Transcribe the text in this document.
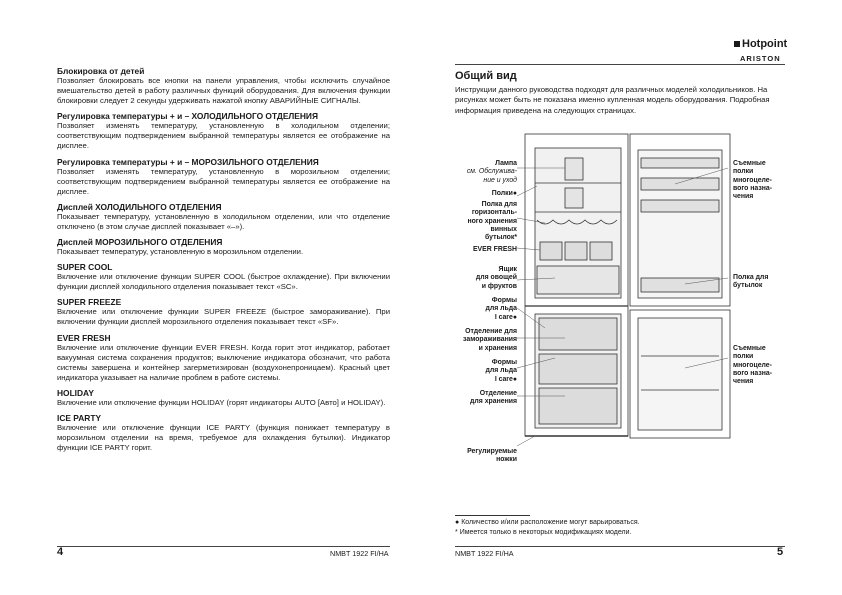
Блокировка от детей
Позволяет блокировать все кнопки на панели управления, чтобы исключить случайное вмешательство детей в работу различных функций оборудования. Для включения функции блокировки следует 2 секунды удерживать нажатой кнопку АВАРИЙНЫЕ СИГНАЛЫ.
Регулировка температуры + и – ХОЛОДИЛЬНОГО ОТДЕЛЕНИЯ
Позволяет изменять температуру, установленную в холодильном отделении; соответствующим подтверждением выбранной температуры является ее отображение на дисплее.
Регулировка температуры + и – МОРОЗИЛЬНОГО ОТДЕЛЕНИЯ
Позволяет изменять температуру, установленную в морозильном отделении; соответствующим подтверждением выбранной температуры является ее отображение на дисплее.
Дисплей ХОЛОДИЛЬНОГО ОТДЕЛЕНИЯ
Показывает температуру, установленную в холодильном отделении, или что отделение отключено (в этом случае дисплей показывает «–»).
Дисплей МОРОЗИЛЬНОГО ОТДЕЛЕНИЯ
Показывает температуру, установленную в морозильном отделении.
SUPER COOL
Включение или отключение функции SUPER COOL (быстрое охлаждение). При включении функции дисплей холодильного отделения показывает текст «SC».
SUPER FREEZE
Включение или отключение функции SUPER FREEZE (быстрое замораживание). При включении функции дисплей морозильного отделения показывает текст «SF».
EVER FRESH
Включение или отключение функции EVER FRESH. Когда горит этот индикатор, работает вакуумная система сохранения продуктов; выключение индикатора обозначит, что работа системы завершена и контейнер загерметизирован (воздухонепроницаем). Красный цвет индикатора указывает на наличие проблем в работе системы.
HOLIDAY
Включение или отключение функции HOLIDAY (горят индикаторы AUTO [Авто] и HOLIDAY).
ICE PARTY
Включение или отключение функции ICE PARTY (функция понижает температуру в морозильном отделении на время, требуемое для охлаждения бутылки). Индикатор функции ICE PARTY горит.
4	NMBT 1922 FI/HA
Hotpoint
ARISTON
Общий вид
Инструкции данного руководства подходят для различных моделей холодильников. На рисунках может быть не показана именно купленная модель оборудования. Подробная информация приведена на следующих страницах.
Лампа
см. Обслужива-
ние и уход
Полки●
Полка для
горизонталь-
ного хранения
винных
бутылок*
EVER FRESH
Ящик
для овощей
и фруктов
Формы
для льда
I care●
Отделение для
замораживания
и хранения
Формы
для льда
I care●
Отделение
для хранения
Регулируемые
ножки
Съемные
полки
многоцеле-
вого назна-
чения
Полка для
бутылок
Съемные
полки
многоцеле-
вого назна-
чения
● Количество и/или расположение могут варьироваться.
* Имеется только в некоторых модификациях модели.
NMBT 1922 FI/HA	5
